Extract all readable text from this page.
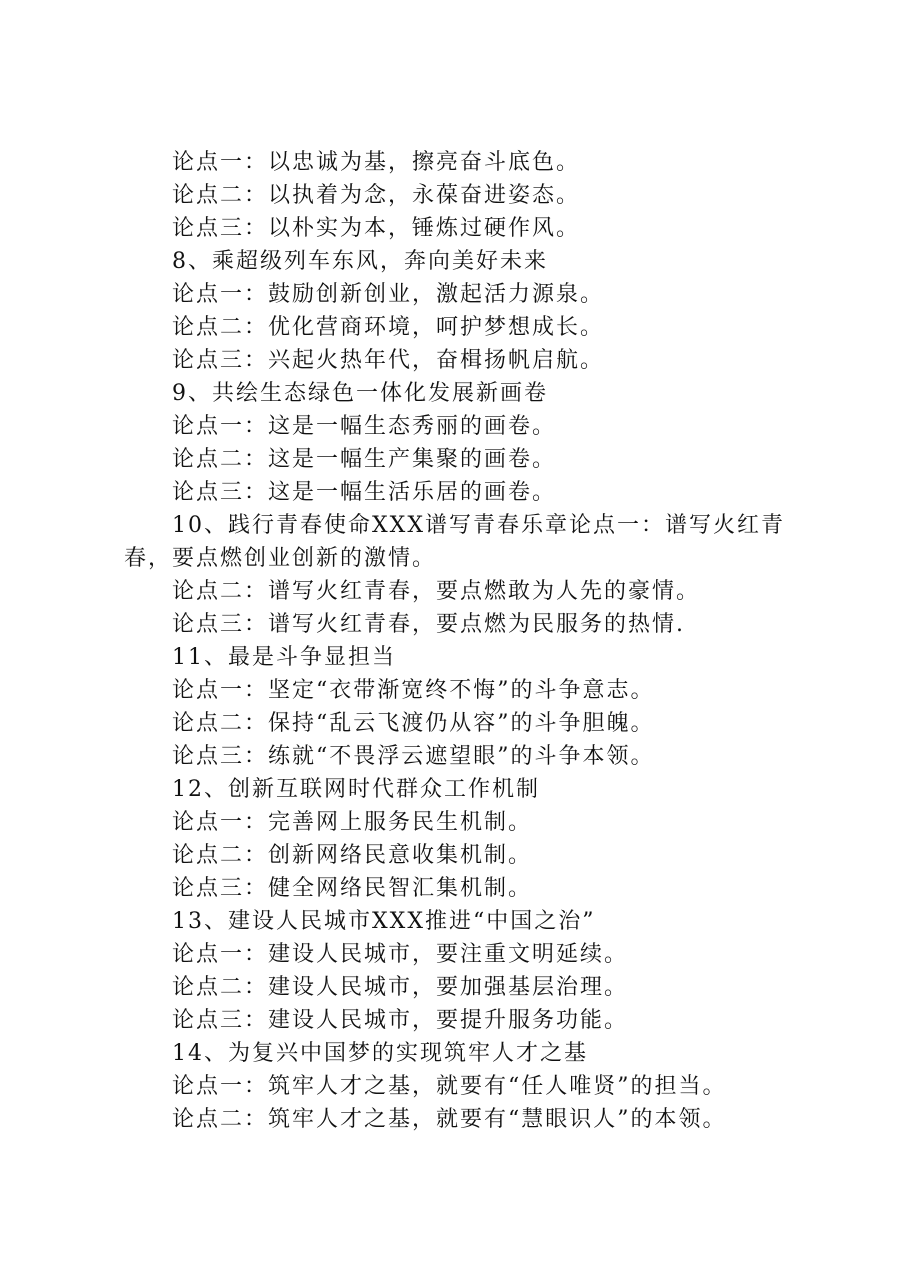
论点一：以忠诚为基，擦亮奋斗底色。
论点二：以执着为念，永葆奋进姿态。
论点三：以朴实为本，锤炼过硬作风。
8、乘超级列车东风，奔向美好未来
论点一：鼓励创新创业，激起活力源泉。
论点二：优化营商环境，呵护梦想成长。
论点三：兴起火热年代，奋楫扬帆启航。
9、共绘生态绿色一体化发展新画卷
论点一：这是一幅生态秀丽的画卷。
论点二：这是一幅生产集聚的画卷。
论点三：这是一幅生活乐居的画卷。
10、践行青春使命XXX谱写青春乐章论点一：谱写火红青春，要点燃创业创新的激情。
论点二：谱写火红青春，要点燃敢为人先的豪情。
论点三：谱写火红青春，要点燃为民服务的热情.
11、最是斗争显担当
论点一：坚定“衣带渐宽终不悔”的斗争意志。
论点二：保持“乱云飞渡仍从容”的斗争胆魄。
论点三：练就“不畏浮云遮望眼”的斗争本领。
12、创新互联网时代群众工作机制
论点一：完善网上服务民生机制。
论点二：创新网络民意收集机制。
论点三：健全网络民智汇集机制。
13、建设人民城市XXX推进“中国之治”
论点一：建设人民城市，要注重文明延续。
论点二：建设人民城市，要加强基层治理。
论点三：建设人民城市，要提升服务功能。
14、为复兴中国梦的实现筑牢人才之基
论点一：筑牢人才之基，就要有“任人唯贤”的担当。
论点二：筑牢人才之基，就要有“慧眼识人”的本领。
